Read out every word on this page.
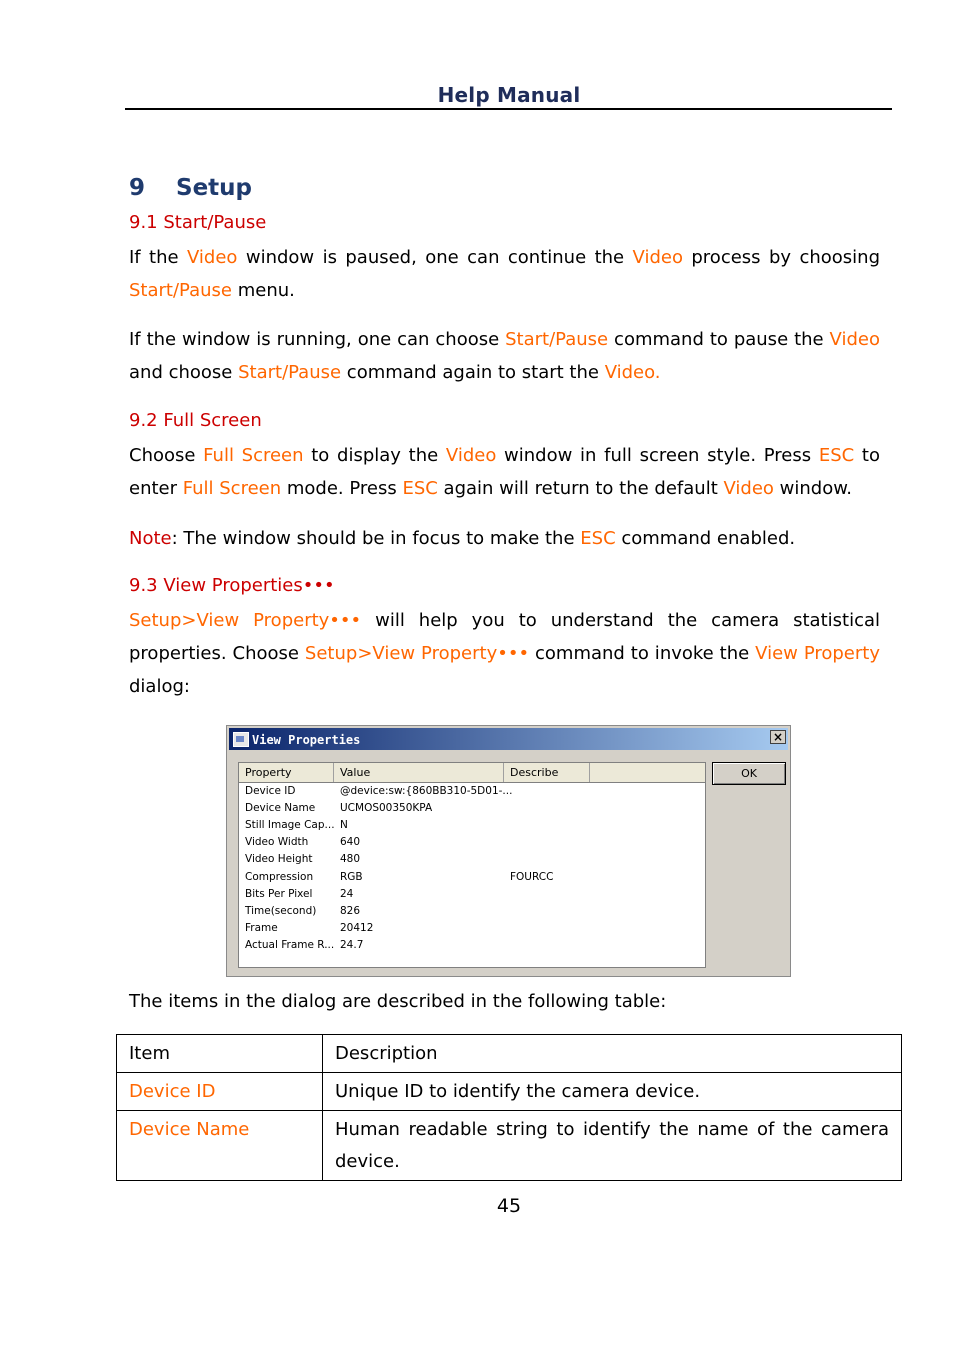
Help Manual
9 Setup
9.1 Start/Pause
If the Video window is paused, one can continue the Video process by choosing
Start/Pause menu.
If the window is running, one can choose Start/Pause command to pause the Video
and choose Start/Pause command again to start the Video.
9.2 Full Screen
Choose Full Screen to display the Video window in full screen style. Press ESC to
enter Full Screen mode. Press ESC again will return to the default Video window.
Note: The window should be in focus to make the ESC command enabled.
9.3 View Properties•••
Setup>View Property••• will help you to understand the camera statistical
properties. Choose Setup>View Property••• command to invoke the View Property
dialog:
View Properties	×
Property	Value	Describe
Device ID	@device:sw:{860BB310-5D01-...
Device Name UCMOS00350KPA
Still Image Cap... N
Video Width	640
Video Height	480
Compression	RGB	FOURCC
Bits Per Pixel	24
Time(second) 826
Frame	20412
Actual Frame R... 24.7
OK
The items in the dialog are described in the following table:
Item	Description
Device ID	Unique ID to identify the camera device.
Device Name	Human readable string to identify the name of the camera device.
45
